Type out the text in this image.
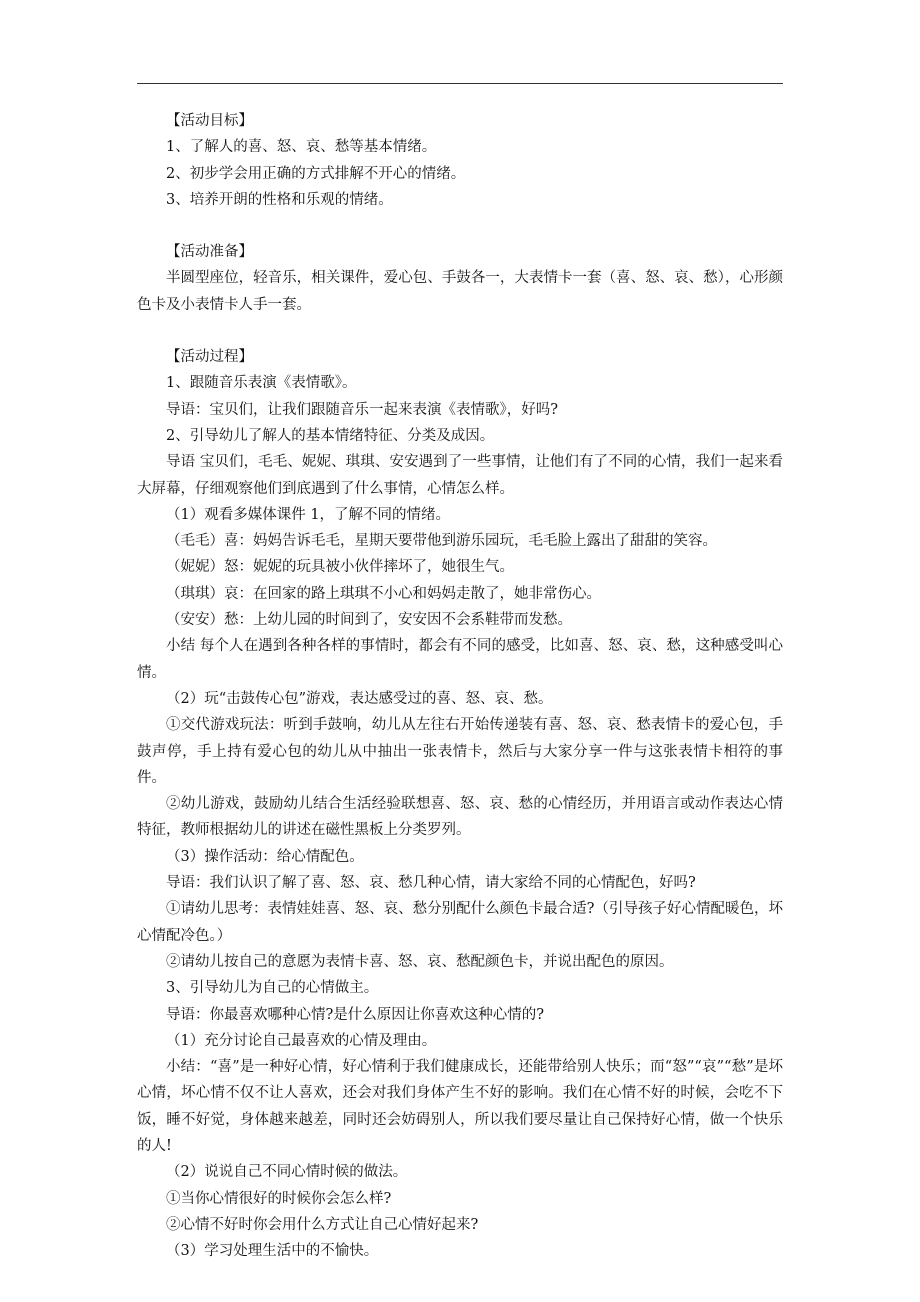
【活动目标】

1、了解人的喜、怒、哀、愁等基本情绪。

2、初步学会用正确的方式排解不开心的情绪。

3、培养开朗的性格和乐观的情绪。

【活动准备】

半圆型座位，轻音乐，相关课件，爱心包、手鼓各一，大表情卡一套（喜、怒、哀、愁），心形颜色卡及小表情卡人手一套。

【活动过程】

1、跟随音乐表演《表情歌》。

导语：宝贝们，让我们跟随音乐一起来表演《表情歌》，好吗?

2、引导幼儿了解人的基本情绪特征、分类及成因。

导语 宝贝们，毛毛、妮妮、琪琪、安安遇到了一些事情，让他们有了不同的心情，我们一起来看大屏幕，仔细观察他们到底遇到了什么事情，心情怎么样。

（1）观看多媒体课件 1，了解不同的情绪。

（毛毛）喜：妈妈告诉毛毛，星期天要带他到游乐园玩，毛毛脸上露出了甜甜的笑容。

（妮妮）怒：妮妮的玩具被小伙伴摔坏了，她很生气。

（琪琪）哀：在回家的路上琪琪不小心和妈妈走散了，她非常伤心。

（安安）愁：上幼儿园的时间到了，安安因不会系鞋带而发愁。

小结 每个人在遇到各种各样的事情时，都会有不同的感受，比如喜、怒、哀、愁，这种感受叫心情。

（2）玩“击鼓传心包”游戏，表达感受过的喜、怒、哀、愁。

①交代游戏玩法：听到手鼓响，幼儿从左往右开始传递装有喜、怒、哀、愁表情卡的爱心包，手鼓声停，手上持有爱心包的幼儿从中抽出一张表情卡，然后与大家分享一件与这张表情卡相符的事件。

②幼儿游戏，鼓励幼儿结合生活经验联想喜、怒、哀、愁的心情经历，并用语言或动作表达心情特征，教师根据幼儿的讲述在磁性黑板上分类罗列。

（3）操作活动：给心情配色。

导语：我们认识了解了喜、怒、哀、愁几种心情，请大家给不同的心情配色，好吗?

①请幼儿思考：表情娃娃喜、怒、哀、愁分别配什么颜色卡最合适?（引导孩子好心情配暖色，坏心情配冷色。）

②请幼儿按自己的意愿为表情卡喜、怒、哀、愁配颜色卡，并说出配色的原因。

3、引导幼儿为自己的心情做主。

导语：你最喜欢哪种心情?是什么原因让你喜欢这种心情的?

（1）充分讨论自己最喜欢的心情及理由。

小结：“喜”是一种好心情，好心情利于我们健康成长，还能带给别人快乐；而“怒”“哀”“愁”是坏心情，坏心情不仅不让人喜欢，还会对我们身体产生不好的影响。我们在心情不好的时候，会吃不下饭，睡不好觉，身体越来越差，同时还会妨碍别人，所以我们要尽量让自己保持好心情，做一个快乐的人!

（2）说说自己不同心情时候的做法。

①当你心情很好的时候你会怎么样?

②心情不好时你会用什么方式让自己心情好起来?

（3）学习处理生活中的不愉快。
